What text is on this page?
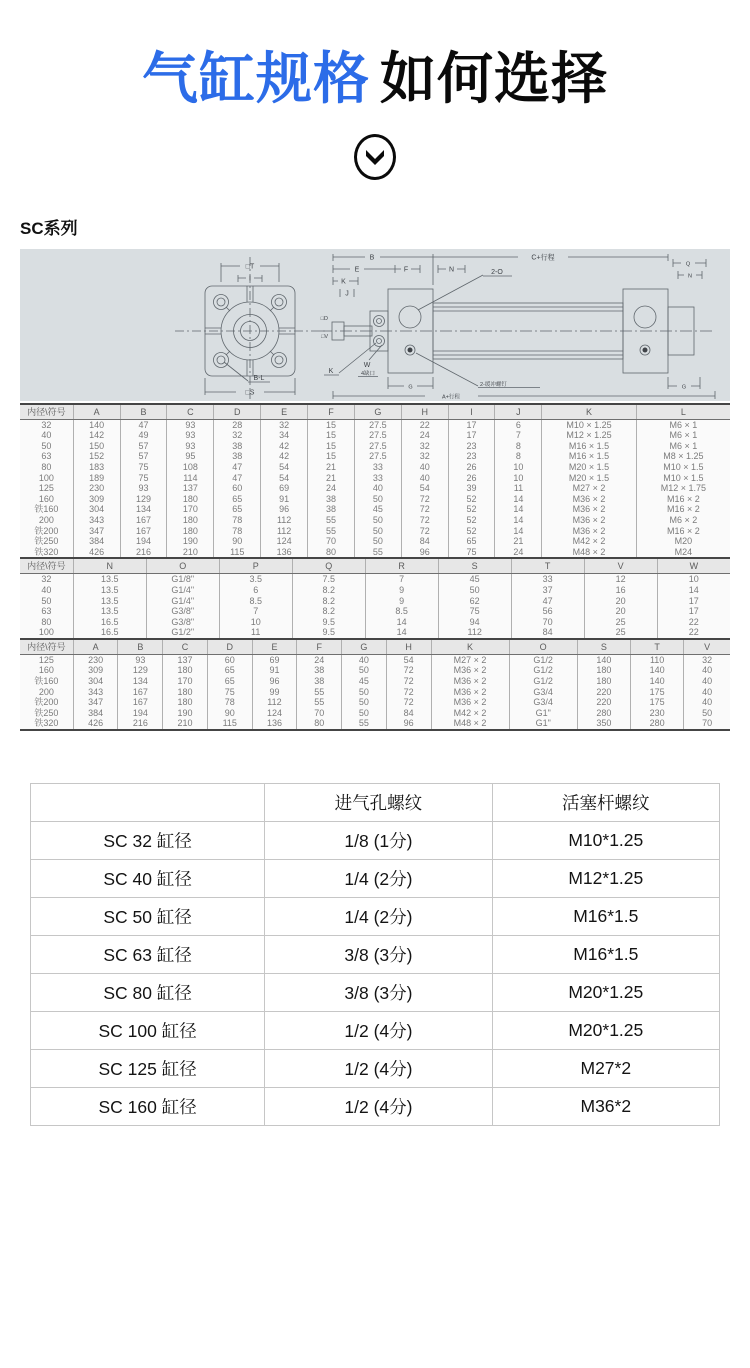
气缸规格 如何选择
SC系列
□T
I
□S
B-L
B	C+行程
E	F	N
K
J
□D
□V
2-O
K
W
4缺口
G	2-缓冲螺钉
Q
N
G
A+行程
内径\符号	A	B	C	D	E	F	G	H	I	J	K	L
32	140	47	93	28	32	15	27.5	22	17	6	M10 × 1.25	M6 × 1
40	142	49	93	32	34	15	27.5	24	17	7	M12 × 1.25	M6 × 1
50	150	57	93	38	42	15	27.5	32	23	8	M16 × 1.5	M6 × 1
63	152	57	95	38	42	15	27.5	32	23	8	M16 × 1.5	M8 × 1.25
80	183	75	108	47	54	21	33	40	26	10	M20 × 1.5	M10 × 1.5
100	189	75	114	47	54	21	33	40	26	10	M20 × 1.5	M10 × 1.5
125	230	93	137	60	69	24	40	54	39	11	M27 × 2	M12 × 1.75
160	309	129	180	65	91	38	50	72	52	14	M36 × 2	M16 × 2
铁160	304	134	170	65	96	38	45	72	52	14	M36 × 2	M16 × 2
200	343	167	180	78	112	55	50	72	52	14	M36 × 2	M6 × 2
铁200	347	167	180	78	112	55	50	72	52	14	M36 × 2	M16 × 2
铁250	384	194	190	90	124	70	50	84	65	21	M42 × 2	M20
铁320	426	216	210	115	136	80	55	96	75	24	M48 × 2	M24
内径\符号	N	O	P	Q	R	S	T	V	W
32	13.5	G1/8"	3.5	7.5	7	45	33	12	10
40	13.5	G1/4"	6	8.2	9	50	37	16	14
50	13.5	G1/4"	8.5	8.2	9	62	47	20	17
63	13.5	G3/8"	7	8.2	8.5	75	56	20	17
80	16.5	G3/8"	10	9.5	14	94	70	25	22
100	16.5	G1/2"	11	9.5	14	112	84	25	22
内径\符号	A	B	C	D	E	F	G	H	K	O	S	T	V
125	230	93	137	60	69	24	40	54	M27 × 2	G1/2	140	110	32
160	309	129	180	65	91	38	50	72	M36 × 2	G1/2	180	140	40
铁160	304	134	170	65	96	38	45	72	M36 × 2	G1/2	180	140	40
200	343	167	180	75	99	55	50	72	M36 × 2	G3/4	220	175	40
铁200	347	167	180	78	112	55	50	72	M36 × 2	G3/4	220	175	40
铁250	384	194	190	90	124	70	50	84	M42 × 2	G1"	280	230	50
铁320	426	216	210	115	136	80	55	96	M48 × 2	G1"	350	280	70
	进气孔螺纹	活塞杆螺纹
SC 32 缸径	1/8 (1分)	M10*1.25
SC 40 缸径	1/4 (2分)	M12*1.25
SC 50 缸径	1/4 (2分)	M16*1.5
SC 63 缸径	3/8 (3分)	M16*1.5
SC 80 缸径	3/8 (3分)	M20*1.25
SC 100 缸径	1/2 (4分)	M20*1.25
SC 125 缸径	1/2 (4分)	M27*2
SC 160 缸径	1/2 (4分)	M36*2
